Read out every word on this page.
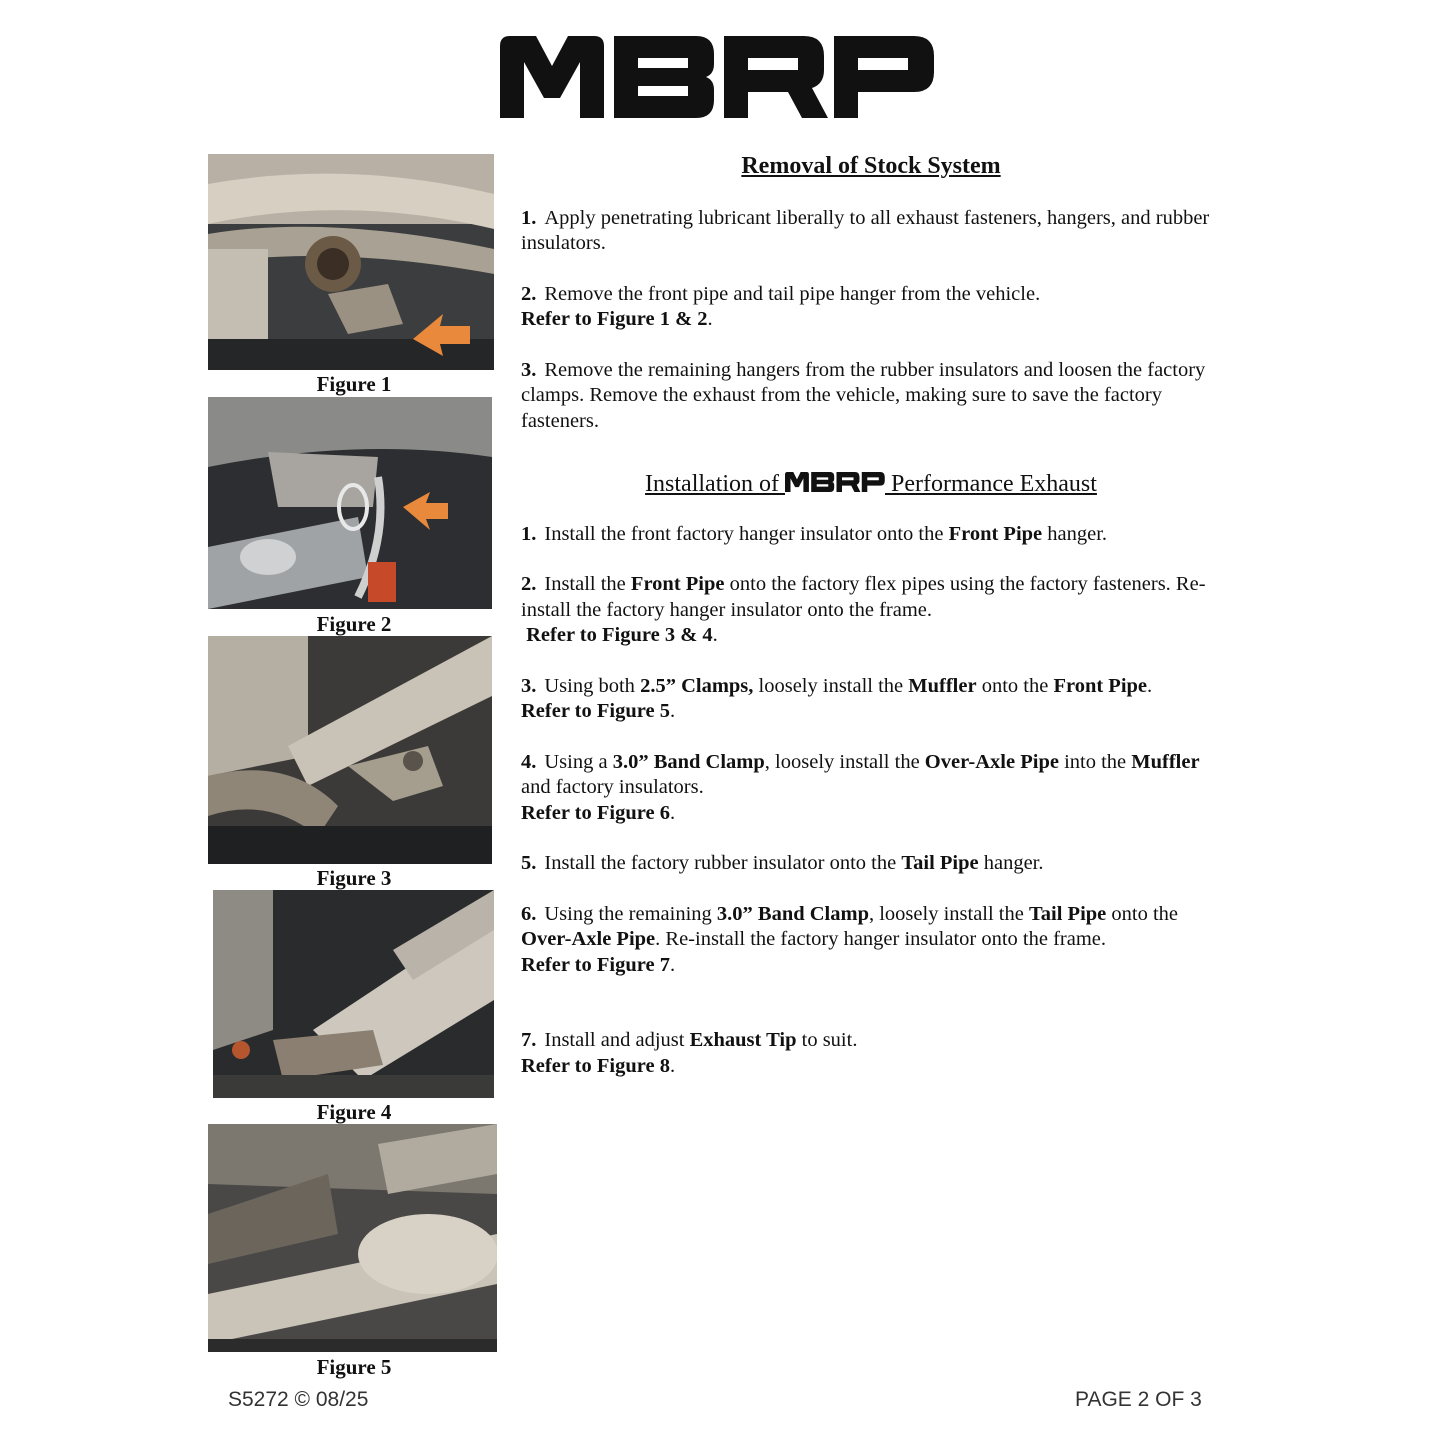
Figure 1
Figure 2
Figure 3
Figure 4
Figure 5
Removal of Stock System
1. Apply penetrating lubricant liberally to all exhaust fasteners, hangers, and rubber insulators.
2. Remove the front pipe and tail pipe hanger from the vehicle.
Refer to Figure 1 & 2.
3. Remove the remaining hangers from the rubber insulators and loosen the factory clamps. Remove the exhaust from the vehicle, making sure to save the factory fasteners.
Installation of	Performance Exhaust
1. Install the front factory hanger insulator onto the Front Pipe hanger.
2. Install the Front Pipe onto the factory flex pipes using the factory fasteners. Re-install the factory hanger insulator onto the frame.
Refer to Figure 3 & 4.
3. Using both 2.5” Clamps, loosely install the Muffler onto the Front Pipe.
Refer to Figure 5.
4. Using a 3.0” Band Clamp, loosely install the Over-Axle Pipe into the Muffler and factory insulators.
Refer to Figure 6.
5. Install the factory rubber insulator onto the Tail Pipe hanger.
6. Using the remaining 3.0” Band Clamp, loosely install the Tail Pipe onto the Over-Axle Pipe. Re-install the factory hanger insulator onto the frame.
Refer to Figure 7.
7. Install and adjust Exhaust Tip to suit.
Refer to Figure 8.
S5272 © 08/25	PAGE 2 OF 3
